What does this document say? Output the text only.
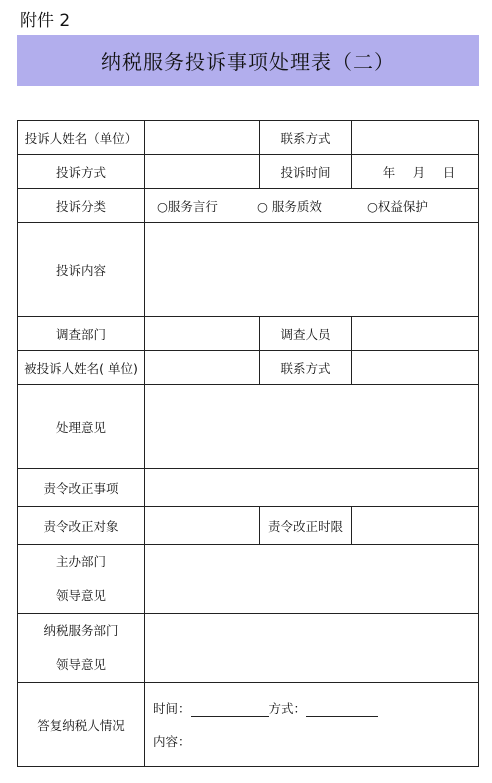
附件 2
纳税服务投诉事项处理表（二）
投诉人姓名（单位）		联系方式	
投诉方式		投诉时间	年 月 日

投诉分类	○服务言行 ○ 服务质效 ○权益保护		

投诉内容			
调查部门		调查人员	
被投诉人姓名( 单位)		联系方式	
处理意见			
责令改正事项			
责令改正对象		责令改正时限	

主办部门
领导意见			

纳税服务部门
领导意见			

答复纳税人情况	时间： 方式：
内容：		
